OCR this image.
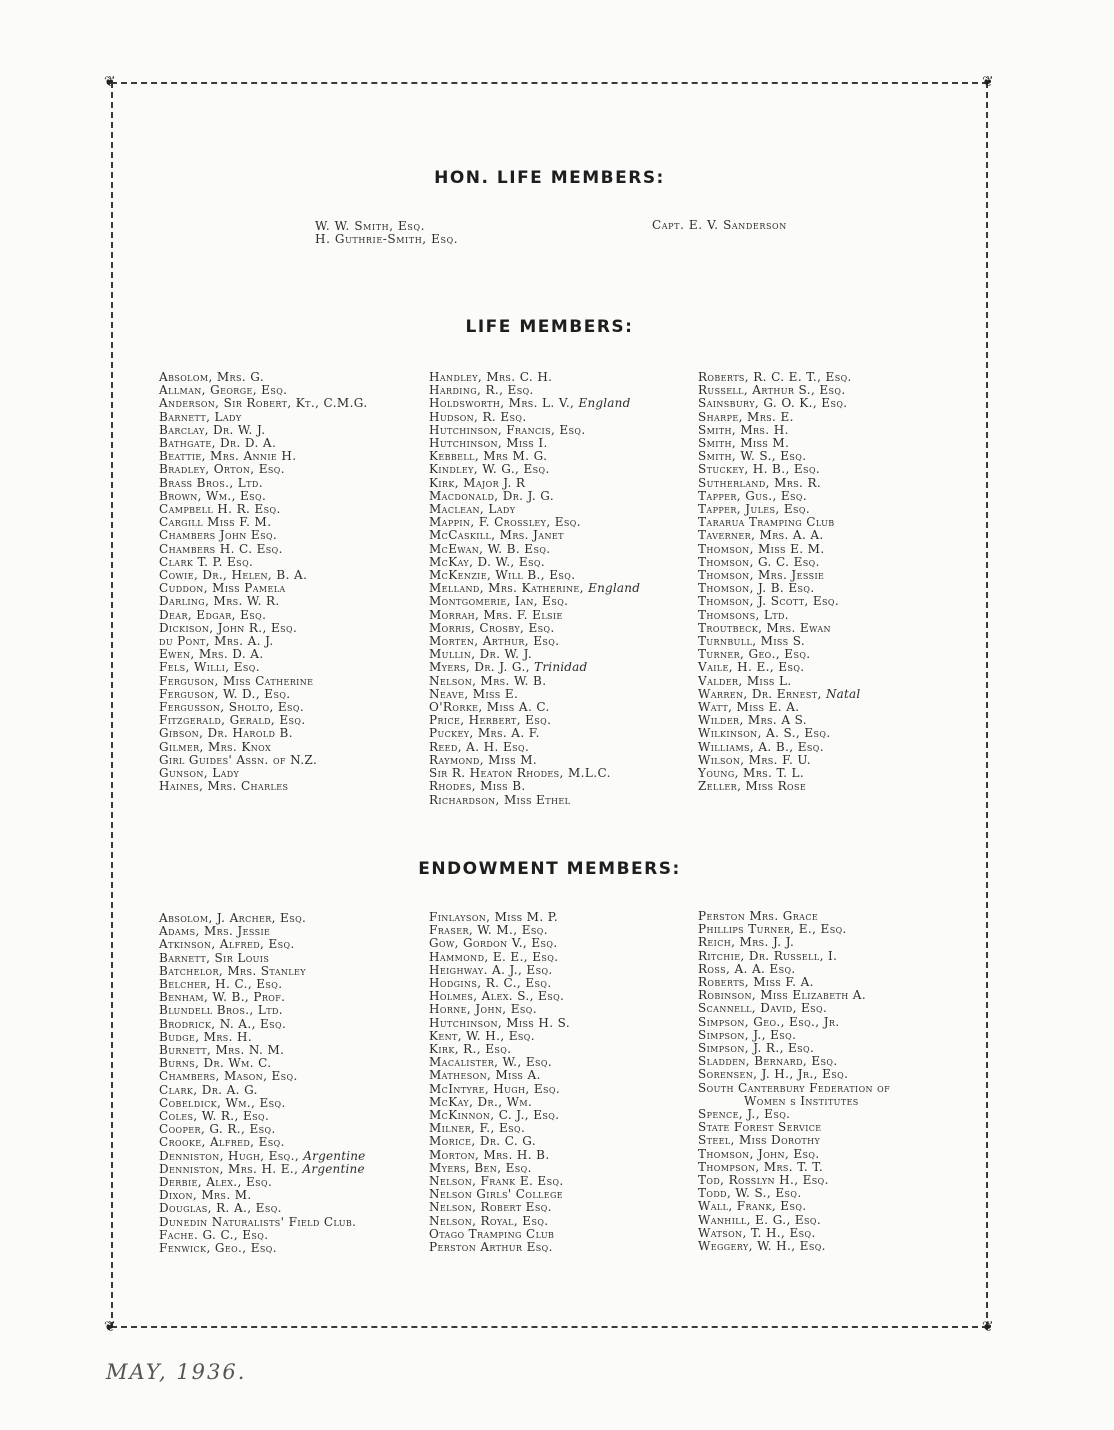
❦	❦
❦	❦
HON. LIFE MEMBERS:
W. W. Smith, Esq.
H. Guthrie-Smith, Esq.
Capt. E. V. Sanderson
LIFE MEMBERS:
Absolom, Mrs. G.
Allman, George, Esq.
Anderson, Sir Robert, Kt., C.M.G.
Barnett, Lady
Barclay, Dr. W. J.
Bathgate, Dr. D. A.
Beattie, Mrs. Annie H.
Bradley, Orton, Esq.
Brass Bros., Ltd.
Brown, Wm., Esq.
Campbell H. R. Esq.
Cargill Miss F. M.
Chambers John Esq.
Chambers H. C. Esq.
Clark T. P. Esq.
Cowie, Dr., Helen, B. A.
Cuddon, Miss Pamela
Darling, Mrs. W. R.
Dear, Edgar, Esq.
Dickison, John R., Esq.
du Pont, Mrs. A. J.
Ewen, Mrs. D. A.
Fels, Willi, Esq.
Ferguson, Miss Catherine
Ferguson, W. D., Esq.
Fergusson, Sholto, Esq.
Fitzgerald, Gerald, Esq.
Gibson, Dr. Harold B.
Gilmer, Mrs. Knox
Girl Guides' Assn. of N.Z.
Gunson, Lady
Haines, Mrs. Charles
Handley, Mrs. C. H.
Harding, R., Esq.
Holdsworth, Mrs. L. V., England
Hudson, R. Esq.
Hutchinson, Francis, Esq.
Hutchinson, Miss I.
Kebbell, Mrs M. G.
Kindley, W. G., Esq.
Kirk, Major J. R
Macdonald, Dr. J. G.
Maclean, Lady
Mappin, F. Crossley, Esq.
McCaskill, Mrs. Janet
McEwan, W. B. Esq.
McKay, D. W., Esq.
McKenzie, Will B., Esq.
Melland, Mrs. Katherine, England
Montgomerie, Ian, Esq.
Morrah, Mrs. F. Elsie
Morris, Crosby, Esq.
Morten, Arthur, Esq.
Mullin, Dr. W. J.
Myers, Dr. J. G., Trinidad
Nelson, Mrs. W. B.
Neave, Miss E.
O'Rorke, Miss A. C.
Price, Herbert, Esq.
Puckey, Mrs. A. F.
Reed, A. H. Esq.
Raymond, Miss M.
Sir R. Heaton Rhodes, M.L.C.
Rhodes, Miss B.
Richardson, Miss Ethel
Roberts, R. C. E. T., Esq.
Russell, Arthur S., Esq.
Sainsbury, G. O. K., Esq.
Sharpe, Mrs. E.
Smith, Mrs. H.
Smith, Miss M.
Smith, W. S., Esq.
Stuckey, H. B., Esq.
Sutherland, Mrs. R.
Tapper, Gus., Esq.
Tapper, Jules, Esq.
Tararua Tramping Club
Taverner, Mrs. A. A.
Thomson, Miss E. M.
Thomson, G. C. Esq.
Thomson, Mrs. Jessie
Thomson, J. B. Esq.
Thomson, J. Scott, Esq.
Thomsons, Ltd.
Troutbeck, Mrs. Ewan
Turnbull, Miss S.
Turner, Geo., Esq.
Vaile, H. E., Esq.
Valder, Miss L.
Warren, Dr. Ernest, Natal
Watt, Miss E. A.
Wilder, Mrs. A S.
Wilkinson, A. S., Esq.
Williams, A. B., Esq.
Wilson, Mrs. F. U.
Young, Mrs. T. L.
Zeller, Miss Rose
ENDOWMENT MEMBERS:
Absolom, J. Archer, Esq.
Adams, Mrs. Jessie
Atkinson, Alfred, Esq.
Barnett, Sir Louis
Batchelor, Mrs. Stanley
Belcher, H. C., Esq.
Benham, W. B., Prof.
Blundell Bros., Ltd.
Brodrick, N. A., Esq.
Budge, Mrs. H.
Burnett, Mrs. N. M.
Burns, Dr. Wm. C.
Chambers, Mason, Esq.
Clark, Dr. A. G.
Cobeldick, Wm., Esq.
Coles, W. R., Esq.
Cooper, G. R., Esq.
Crooke, Alfred, Esq.
Denniston, Hugh, Esq., Argentine
Denniston, Mrs. H. E., Argentine
Derbie, Alex., Esq.
Dixon, Mrs. M.
Douglas, R. A., Esq.
Dunedin Naturalists' Field Club.
Fache. G. C., Esq.
Fenwick, Geo., Esq.
Finlayson, Miss M. P.
Fraser, W. M., Esq.
Gow, Gordon V., Esq.
Hammond, E. E., Esq.
Heighway. A. J., Esq.
Hodgins, R. C., Esq.
Holmes, Alex. S., Esq.
Horne, John, Esq.
Hutchinson, Miss H. S.
Kent, W. H., Esq.
Kirk, R., Esq.
Macalister, W., Esq.
Matheson, Miss A.
McIntyre, Hugh, Esq.
McKay, Dr., Wm.
McKinnon, C. J., Esq.
Milner, F., Esq.
Morice, Dr. C. G.
Morton, Mrs. H. B.
Myers, Ben, Esq.
Nelson, Frank E. Esq.
Nelson Girls' College
Nelson, Robert Esq.
Nelson, Royal, Esq.
Otago Tramping Club
Perston Arthur Esq.
Perston Mrs. Grace
Phillips Turner, E., Esq.
Reich, Mrs. J. J.
Ritchie, Dr. Russell, I.
Ross, A. A. Esq.
Roberts, Miss F. A.
Robinson, Miss Elizabeth A.
Scannell, David, Esq.
Simpson, Geo., Esq., Jr.
Simpson, J., Esq.
Simpson, J. R., Esq.
Sladden, Bernard, Esq.
Sorensen, J. H., Jr., Esq.
South Canterbury Federation of
Women s Institutes
Spence, J., Esq.
State Forest Service
Steel, Miss Dorothy
Thomson, John, Esq.
Thompson, Mrs. T. T.
Tod, Rosslyn H., Esq.
Todd, W. S., Esq.
Wall, Frank, Esq.
Wanhill, E. G., Esq.
Watson, T. H., Esq.
Weggery, W. H., Esq.
MAY, 1936.
